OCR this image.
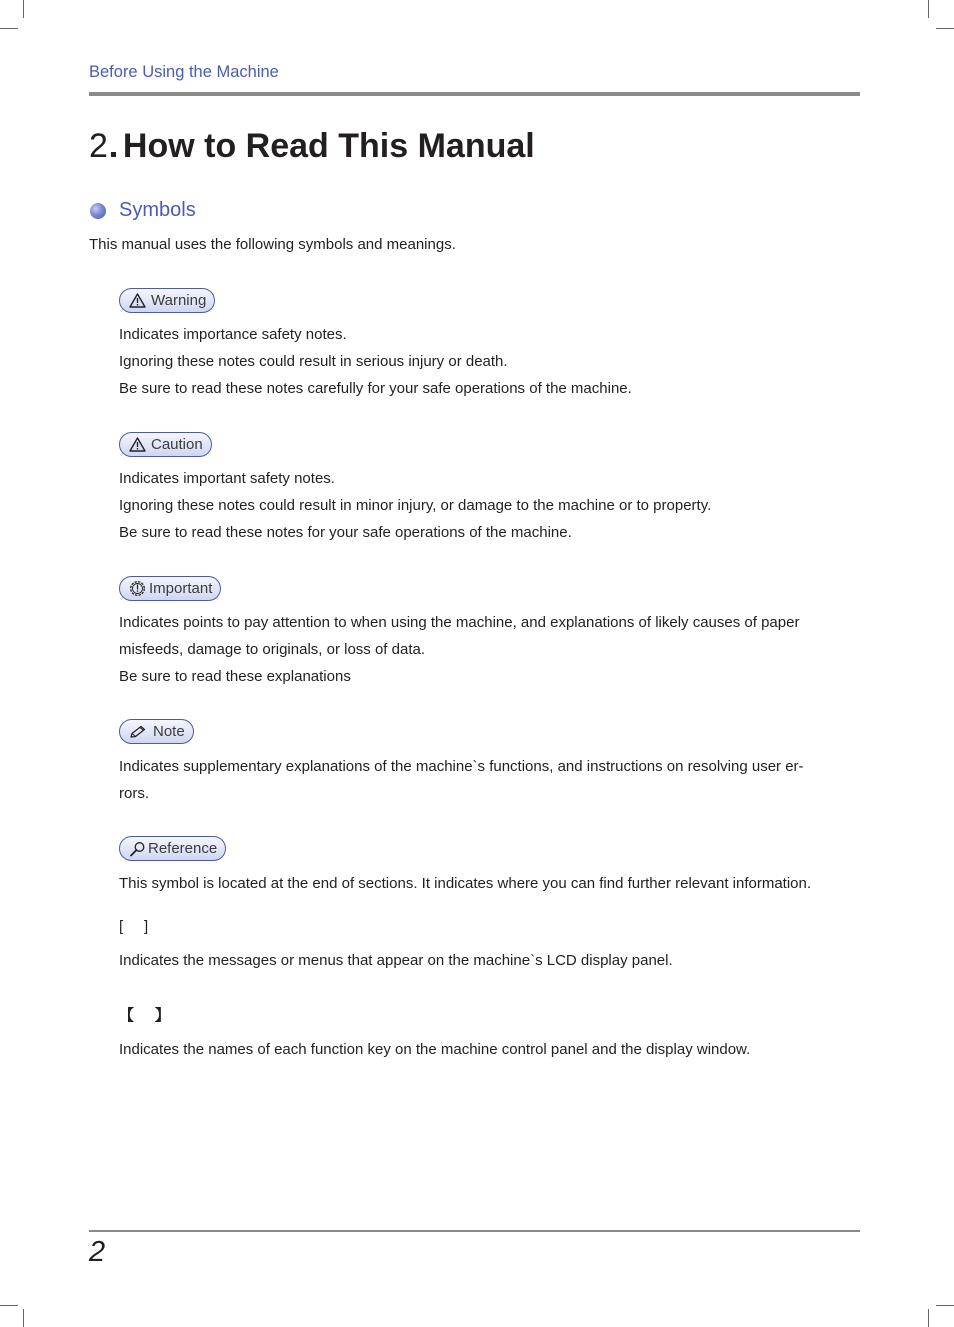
Before Using the Machine
2 How to Read This Manual
Symbols
This manual uses the following symbols and meanings.
Warning
Indicates importance safety notes.
Ignoring these notes could result in serious injury or death.
Be sure to read these notes carefully for your safe operations of the machine.
Caution
Indicates important safety notes.
Ignoring these notes could result in minor injury, or damage to the machine or to property.
Be sure to read these notes for your safe operations of the machine.
Important
Indicates points to pay attention to when using the machine, and explanations of likely causes of paper
misfeeds, damage to originals, or loss of data.
Be sure to read these explanations
Note
Indicates supplementary explanations of the machine`s functions, and instructions on resolving user er-
rors.
Reference
This symbol is located at the end of sections. It indicates where you can find further relevant information.
[     ]
Indicates the messages or menus that appear on the machine`s LCD display panel.
【     】
Indicates the names of each function key on the machine control panel and the display window.
2
